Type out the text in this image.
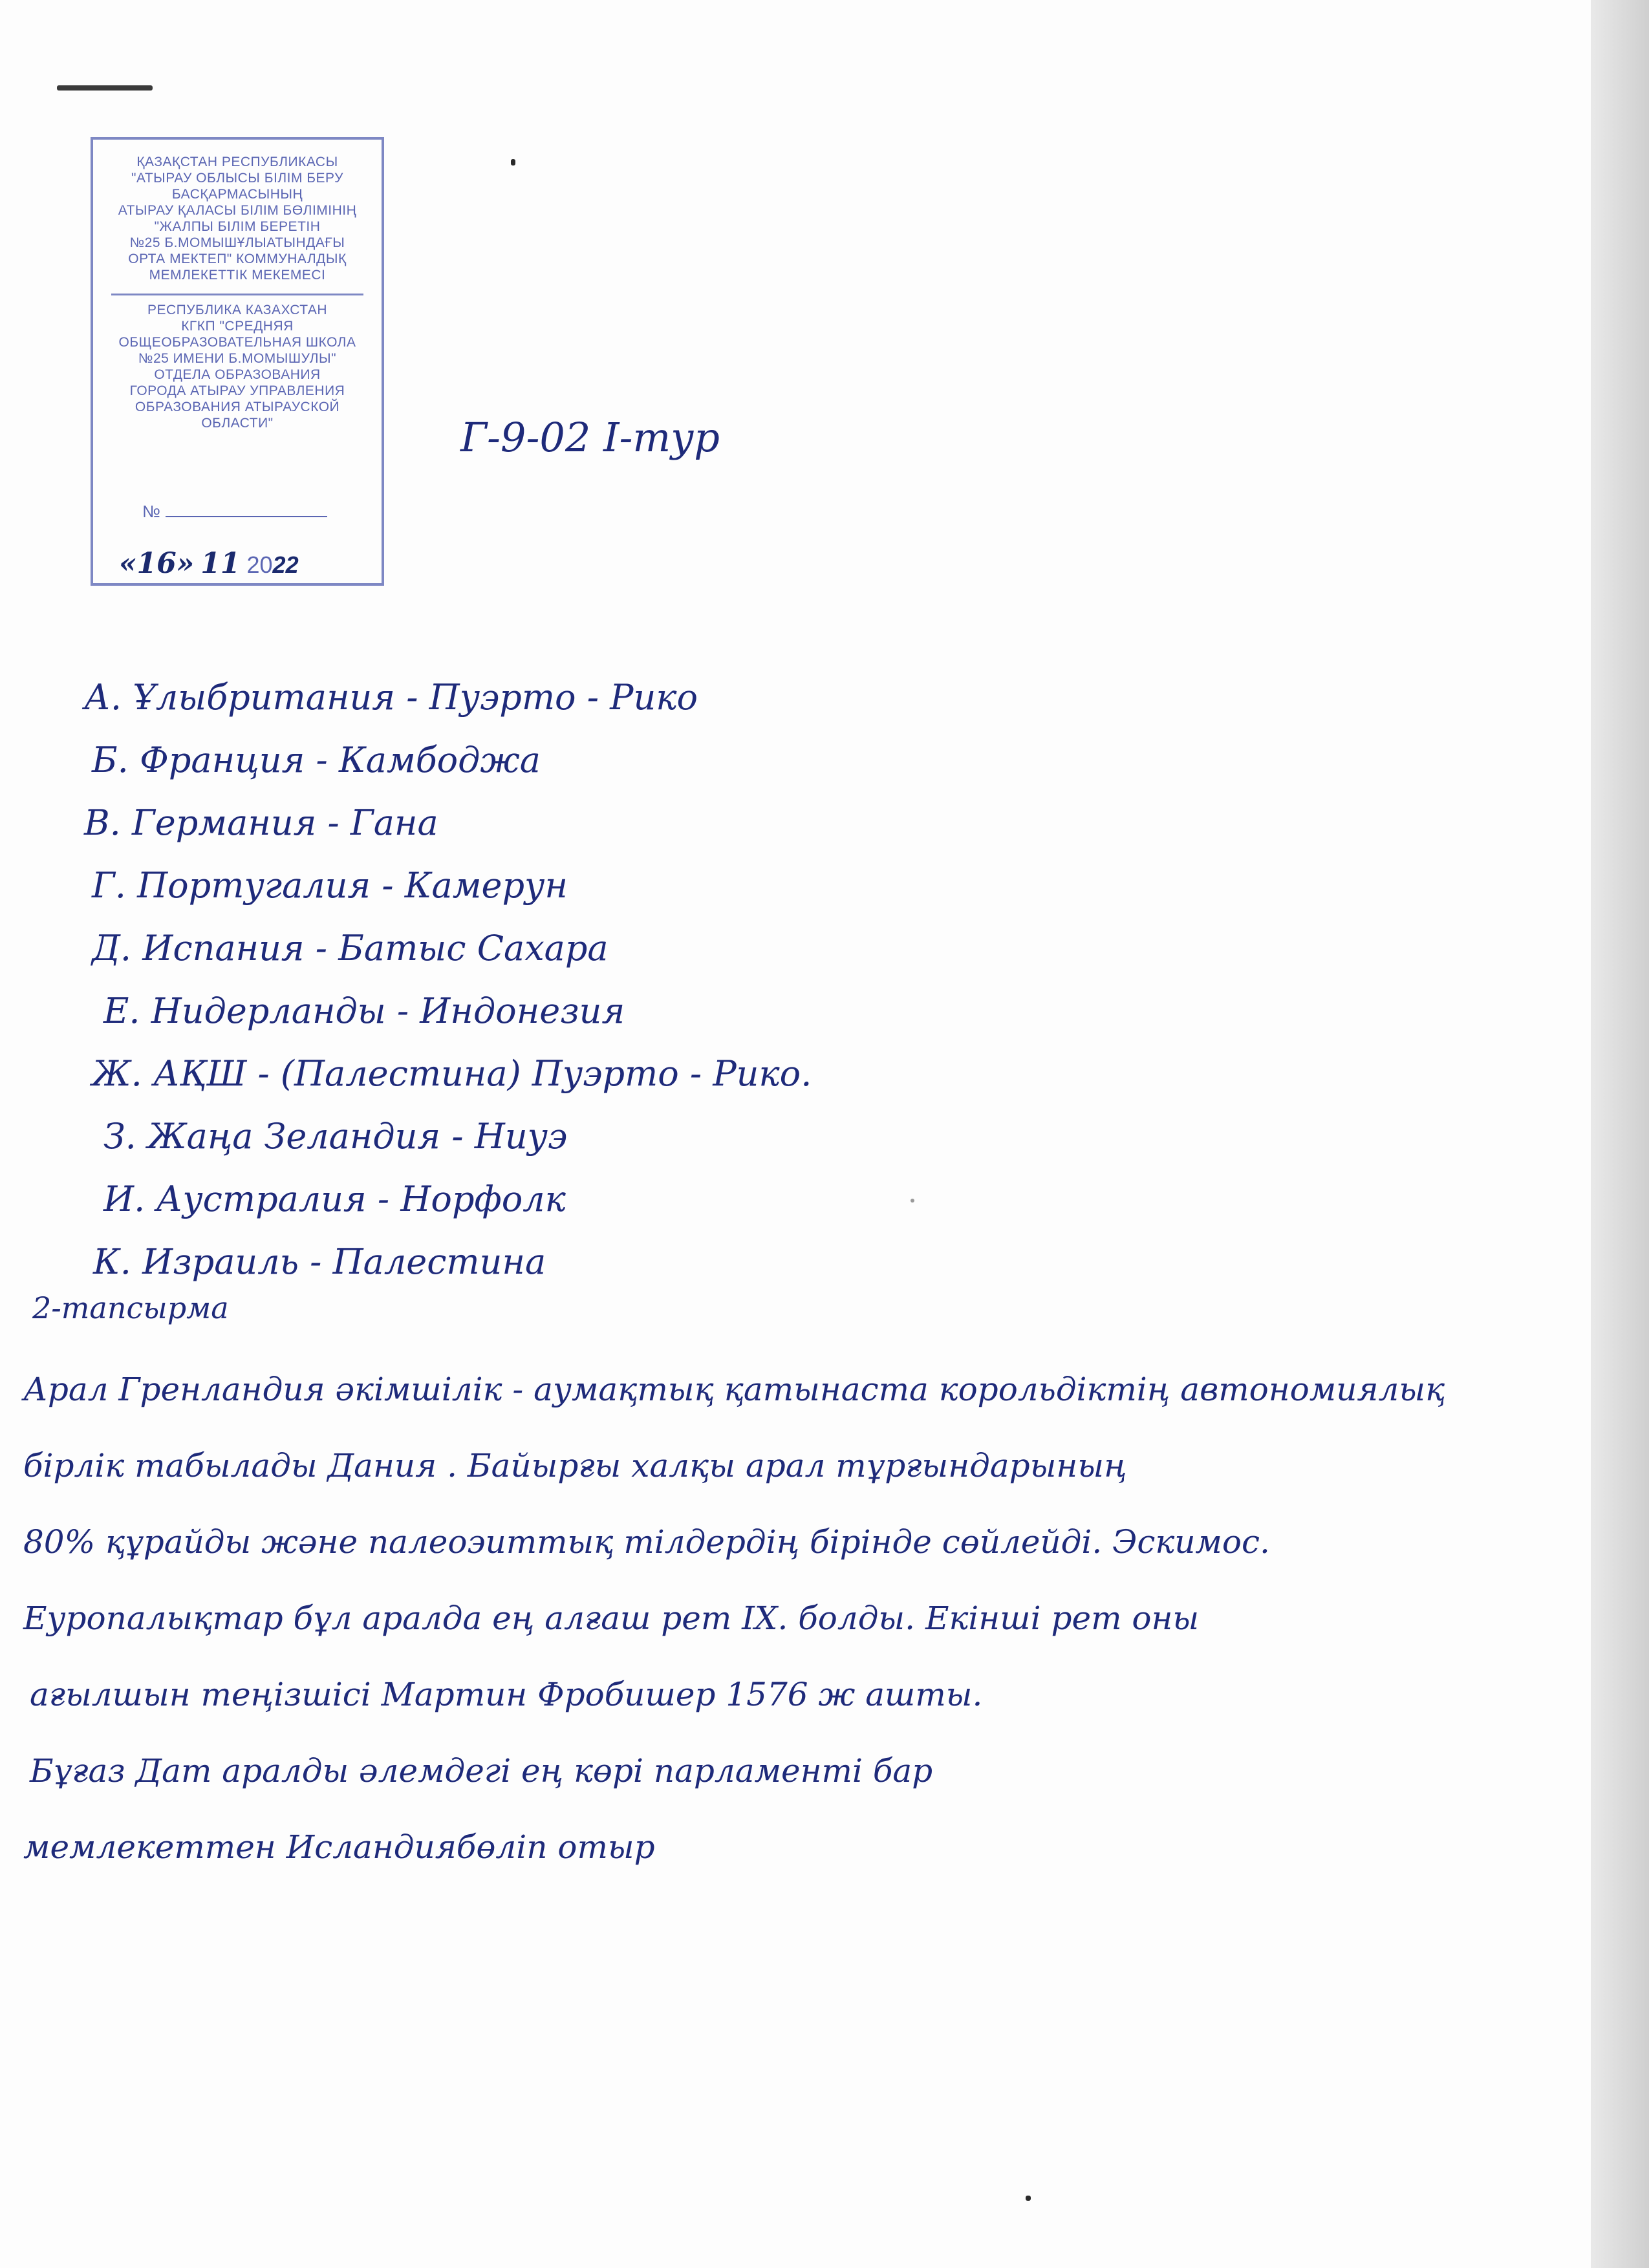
ҚАЗАҚСТАН РЕСПУБЛИКАСЫ
"АТЫРАУ ОБЛЫСЫ БІЛІМ БЕРУ
БАСҚАРМАСЫНЫҢ
АТЫРАУ ҚАЛАСЫ БІЛІМ БӨЛІМІНІҢ
"ЖАЛПЫ БІЛІМ БЕРЕТІН
№25 Б.МОМЫШҰЛЫАТЫНДАҒЫ
ОРТА МЕКТЕП" КОММУНАЛДЫҚ
МЕМЛЕКЕТТІК МЕКЕМЕСІ
РЕСПУБЛИКА КАЗАХСТАН
КГКП "СРЕДНЯЯ
ОБЩЕОБРАЗОВАТЕЛЬНАЯ ШКОЛА
№25 ИМЕНИ Б.МОМЫШУЛЫ"
ОТДЕЛА ОБРАЗОВАНИЯ
ГОРОДА АТЫРАУ УПРАВЛЕНИЯ
ОБРАЗОВАНИЯ АТЫРАУСКОЙ
ОБЛАСТИ"
№
«16» 11 2022
Г-9-02 I-тур
А. Ұлыбритания - Пуэрто - Рико
Б. Франция - Камбоджа
В. Германия - Гана
Г. Португалия - Камерун
Д. Испания - Батыс Сахара
Е. Нидерланды - Индонезия
Ж. АҚШ - (Палестина) Пуэрто - Рико.
З. Жаңа Зеландия - Ниуэ
И. Аустралия - Норфолк
К. Израиль - Палестина
2-тапсырма
Арал Гренландия әкімшілік - аумақтық қатынаста корольдіктің автономиялық
бірлік табылады Дания . Байырғы халқы арал тұрғындарының
80% құрайды және палеоэиттық тілдердің бірінде сөйлейді. Эскимос.
Еуропалықтар бұл аралда ең алғаш рет IX. болды. Екінші рет оны
ағылшын теңізшісі Мартин Фробишер 1576 ж ашты.
Бұғаз Дат аралды әлемдегі ең көрі парламенті бар
мемлекеттен Исландиябөліп отыр
